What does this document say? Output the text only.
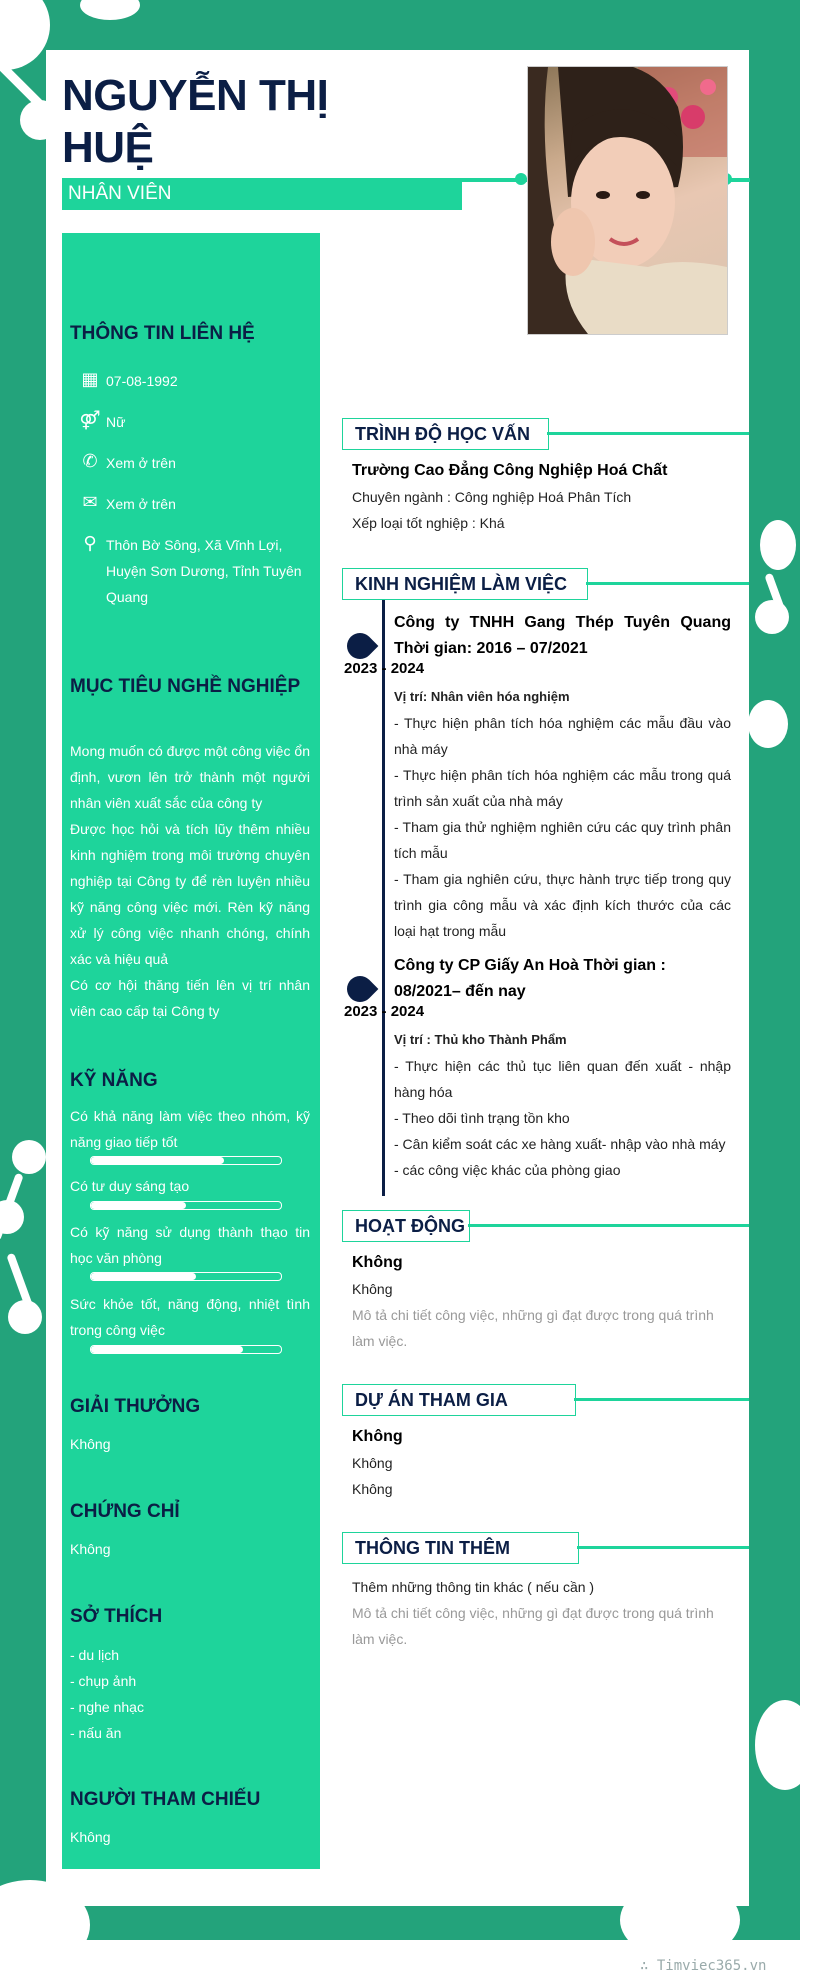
NGUYỄN THỊ HUỆ
NHÂN VIÊN
THÔNG TIN LIÊN HỆ
▦ 07-08-1992
⚤ Nữ
✆ Xem ở trên
✉ Xem ở trên
⚲ Thôn Bờ Sông, Xã Vĩnh Lợi, Huyện Sơn Dương, Tỉnh Tuyên Quang
MỤC TIÊU NGHỀ NGHIỆP
Mong muốn có được một công việc ổn định, vươn lên trở thành một người nhân viên xuất sắc của công ty
Được học hỏi và tích lũy thêm nhiều kinh nghiệm trong môi trường chuyên nghiệp tại Công ty để rèn luyện nhiều kỹ năng công việc mới. Rèn kỹ năng xử lý công việc nhanh chóng, chính xác và hiệu quả
Có cơ hội thăng tiến lên vị trí nhân viên cao cấp tại Công ty
KỸ NĂNG
Có khả năng làm việc theo nhóm, kỹ năng giao tiếp tốt
Có tư duy sáng tạo
Có kỹ năng sử dụng thành thạo tin học văn phòng
Sức khỏe tốt, năng động, nhiệt tình trong công việc
GIẢI THƯỞNG
Không
CHỨNG CHỈ
Không
SỞ THÍCH
- du lịch
- chụp ảnh
- nghe nhạc
- nấu ăn
NGƯỜI THAM CHIẾU
Không
TRÌNH ĐỘ HỌC VẤN
Trường Cao Đẳng Công Nghiệp Hoá Chất
Chuyên ngành : Công nghiệp Hoá Phân Tích
Xếp loại tốt nghiệp : Khá
KINH NGHIỆM LÀM VIỆC
2023 - 2024
Công ty TNHH Gang Thép Tuyên Quang Thời gian: 2016 – 07/2021
Vị trí: Nhân viên hóa nghiệm
- Thực hiện phân tích hóa nghiệm các mẫu đầu vào nhà máy
- Thực hiện phân tích hóa nghiệm các mẫu trong quá trình sản xuất của nhà máy
- Tham gia thử nghiệm nghiên cứu các quy trình phân tích mẫu
- Tham gia nghiên cứu, thực hành trực tiếp trong quy trình gia công mẫu và xác định kích thước của các loại hạt trong mẫu
2023 - 2024
Công ty CP Giấy An Hoà Thời gian : 08/2021– đến nay
Vị trí : Thủ kho Thành Phẩm
- Thực hiện các thủ tục liên quan đến xuất - nhập hàng hóa
- Theo dõi tình trạng tồn kho
- Cân kiểm soát các xe hàng xuất- nhập vào nhà máy
- các công việc khác của phòng giao
HOẠT ĐỘNG
Không
Không
Mô tả chi tiết công việc, những gì đạt được trong quá trình làm việc.
DỰ ÁN THAM GIA
Không
Không
Không
THÔNG TIN THÊM
Thêm những thông tin khác ( nếu cần )
Mô tả chi tiết công việc, những gì đạt được trong quá trình làm việc.
∴ Timviec365.vn
